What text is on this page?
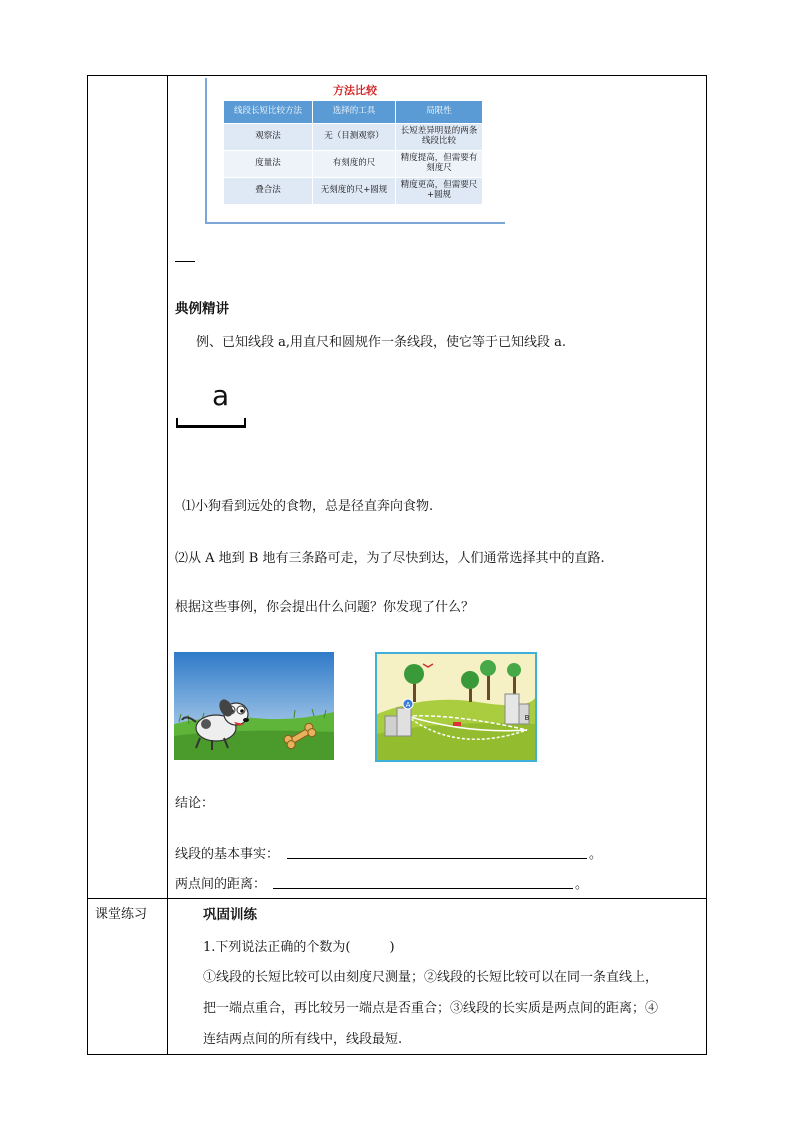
方法比较
线段长短比较方法	选择的工具	局限性
观察法	无（目测观察）	长短差异明显的两条线段比较
度量法	有刻度的尺	精度提高，但需要有刻度尺
叠合法	无刻度的尺+圆规	精度更高，但需要尺+圆规
典例精讲
例、已知线段 a,用直尺和圆规作一条线段，使它等于已知线段 a.
a
⑴小狗看到远处的食物，总是径直奔向食物.
⑵从 A 地到 B 地有三条路可走，为了尽快到达，人们通常选择其中的直路.
根据这些事例，你会提出什么问题？你发现了什么？
A
B
结论：
线段的基本事实：	。
两点间的距离：	。
课堂练习	巩固训练
1.下列说法正确的个数为(　　　)
①线段的长短比较可以由刻度尺测量；②线段的长短比较可以在同一条直线上，
把一端点重合，再比较另一端点是否重合；③线段的长实质是两点间的距离；④
连结两点间的所有线中，线段最短.
